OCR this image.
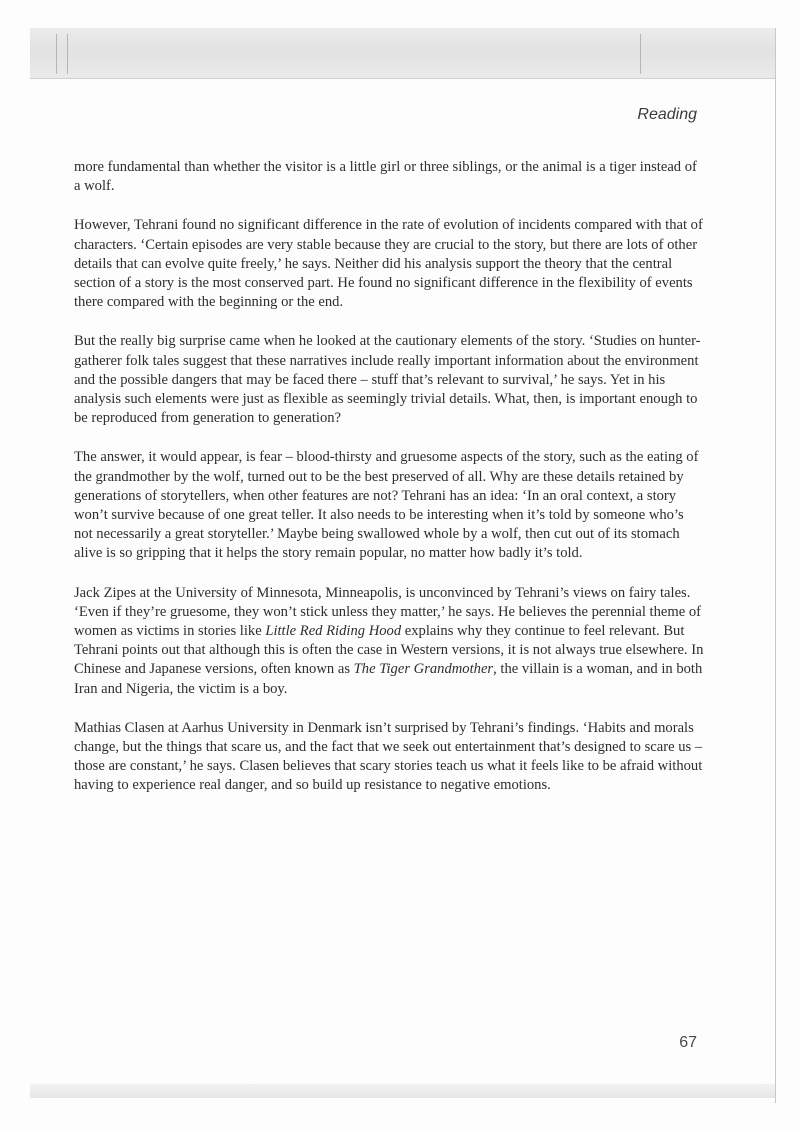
Reading

more fundamental than whether the visitor is a little girl or three siblings, or the animal is a tiger instead of a wolf.

However, Tehrani found no significant difference in the rate of evolution of incidents compared with that of characters. ‘Certain episodes are very stable because they are crucial to the story, but there are lots of other details that can evolve quite freely,’ he says. Neither did his analysis support the theory that the central section of a story is the most conserved part. He found no significant difference in the flexibility of events there compared with the beginning or the end.

But the really big surprise came when he looked at the cautionary elements of the story. ‘Studies on hunter-gatherer folk tales suggest that these narratives include really important information about the environment and the possible dangers that may be faced there – stuff that’s relevant to survival,’ he says. Yet in his analysis such elements were just as flexible as seemingly trivial details. What, then, is important enough to be reproduced from generation to generation?

The answer, it would appear, is fear – blood-thirsty and gruesome aspects of the story, such as the eating of the grandmother by the wolf, turned out to be the best preserved of all. Why are these details retained by generations of storytellers, when other features are not? Tehrani has an idea: ‘In an oral context, a story won’t survive because of one great teller. It also needs to be interesting when it’s told by someone who’s not necessarily a great storyteller.’ Maybe being swallowed whole by a wolf, then cut out of its stomach alive is so gripping that it helps the story remain popular, no matter how badly it’s told.

Jack Zipes at the University of Minnesota, Minneapolis, is unconvinced by Tehrani’s views on fairy tales. ‘Even if they’re gruesome, they won’t stick unless they matter,’ he says. He believes the perennial theme of women as victims in stories like Little Red Riding Hood explains why they continue to feel relevant. But Tehrani points out that although this is often the case in Western versions, it is not always true elsewhere. In Chinese and Japanese versions, often known as The Tiger Grandmother, the villain is a woman, and in both Iran and Nigeria, the victim is a boy.

Mathias Clasen at Aarhus University in Denmark isn’t surprised by Tehrani’s findings. ‘Habits and morals change, but the things that scare us, and the fact that we seek out entertainment that’s designed to scare us – those are constant,’ he says. Clasen believes that scary stories teach us what it feels like to be afraid without having to experience real danger, and so build up resistance to negative emotions.

67
